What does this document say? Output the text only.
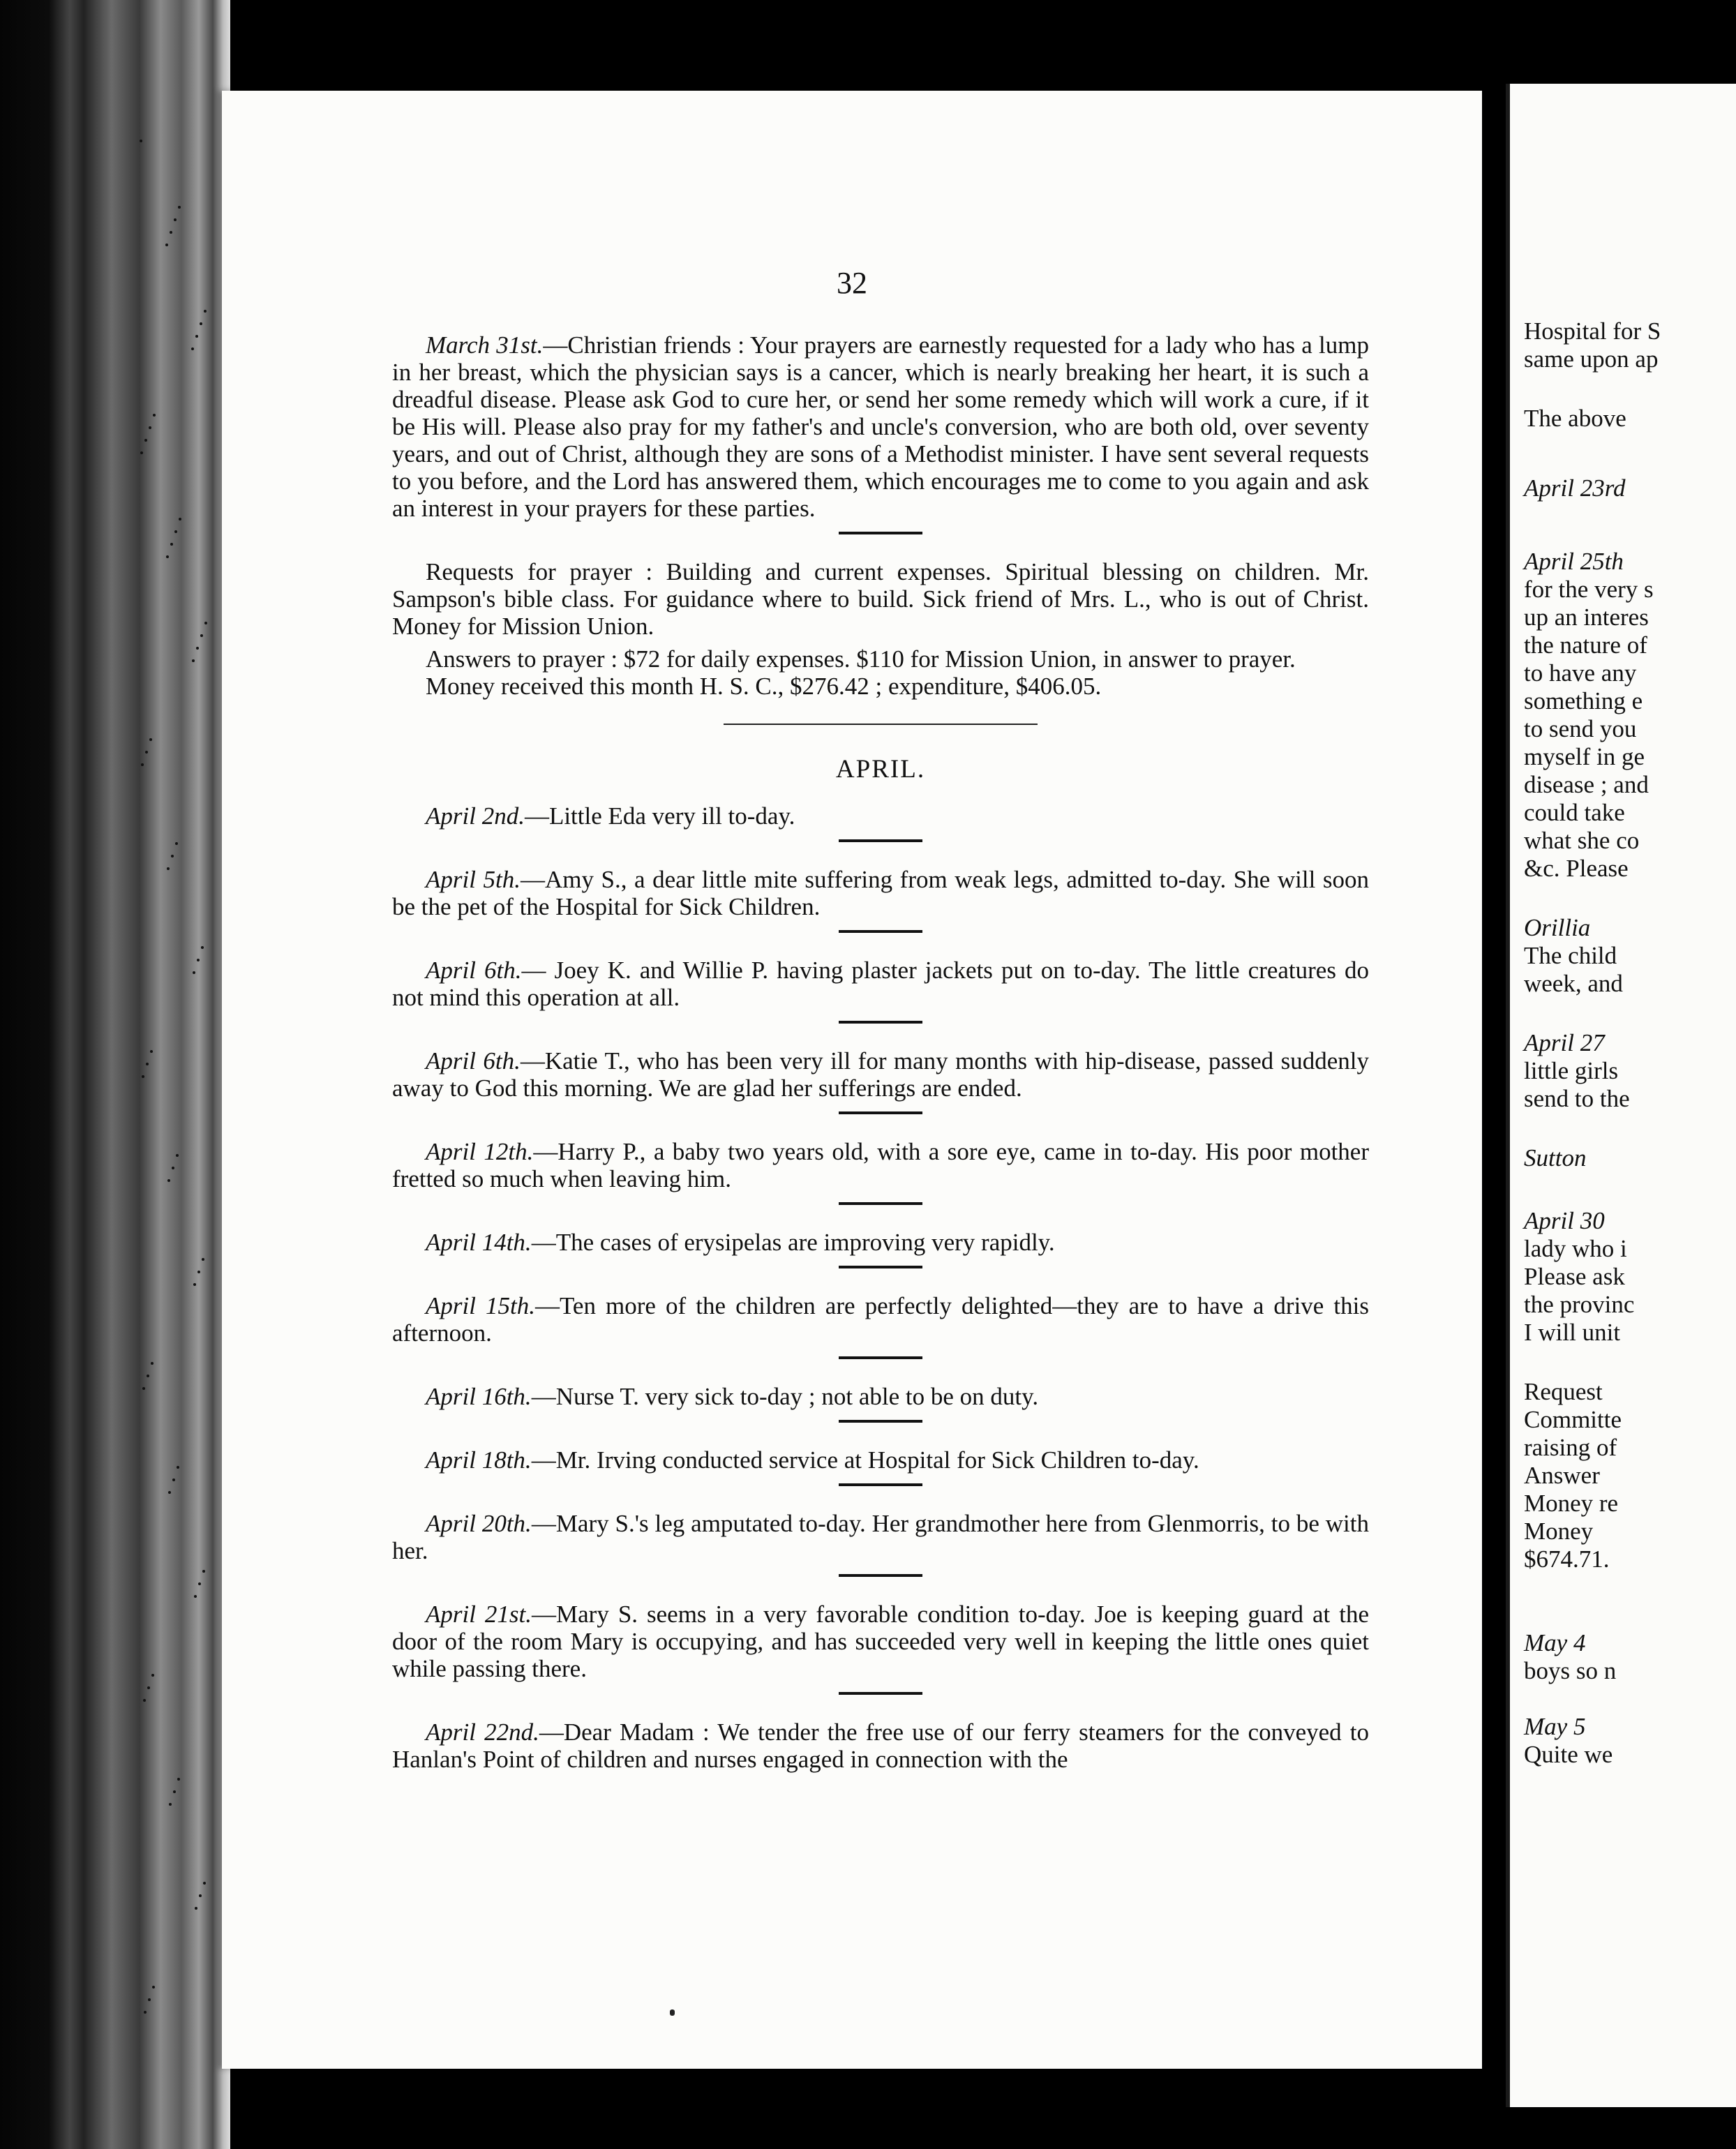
32

March 31st.—Christian friends : Your prayers are earnestly requested for a lady who has a lump in her breast, which the physician says is a cancer, which is nearly breaking her heart, it is such a dreadful disease. Please ask God to cure her, or send her some remedy which will work a cure, if it be His will. Please also pray for my father's and uncle's conversion, who are both old, over seventy years, and out of Christ, although they are sons of a Methodist minister. I have sent several requests to you before, and the Lord has answered them, which encourages me to come to you again and ask an interest in your prayers for these parties.

Requests for prayer : Building and current expenses. Spiritual blessing on children. Mr. Sampson's bible class. For guidance where to build. Sick friend of Mrs. L., who is out of Christ. Money for Mission Union.

Answers to prayer : $72 for daily expenses. $110 for Mission Union, in answer to prayer.

Money received this month H. S. C., $276.42 ; expenditure, $406.05.

APRIL.

April 2nd.—Little Eda very ill to-day.

April 5th.—Amy S., a dear little mite suffering from weak legs, admitted to-day. She will soon be the pet of the Hospital for Sick Children.

April 6th.— Joey K. and Willie P. having plaster jackets put on to-day. The little creatures do not mind this operation at all.

April 6th.—Katie T., who has been very ill for many months with hip-disease, passed suddenly away to God this morning. We are glad her sufferings are ended.

April 12th.—Harry P., a baby two years old, with a sore eye, came in to-day. His poor mother fretted so much when leaving him.

April 14th.—The cases of erysipelas are improving very rapidly.

April 15th.—Ten more of the children are perfectly delighted—they are to have a drive this afternoon.

April 16th.—Nurse T. very sick to-day ; not able to be on duty.

April 18th.—Mr. Irving conducted service at Hospital for Sick Children to-day.

April 20th.—Mary S.'s leg amputated to-day. Her grandmother here from Glenmorris, to be with her.

April 21st.—Mary S. seems in a very favorable condition to-day. Joe is keeping guard at the door of the room Mary is occupying, and has succeeded very well in keeping the little ones quiet while passing there.

April 22nd.—Dear Madam : We tender the free use of our ferry steamers for the conveyed to Hanlan's Point of children and nurses engaged in connection with the

Hospital for S
same upon ap
The above
April 23rd
April 25th
for the very s
up an interes
the nature of
to have any
something e
to send you
myself in ge
disease ; and
could take
what she co
&c. Please
Orillia
The child
week, and
April 27
little girls
send to the
Sutton
April 30
lady who i
Please ask
the provinc
I will unit
Request
Committe
raising of
Answer
Money re
Money
$674.71.
May 4
boys so n
May 5
Quite we
